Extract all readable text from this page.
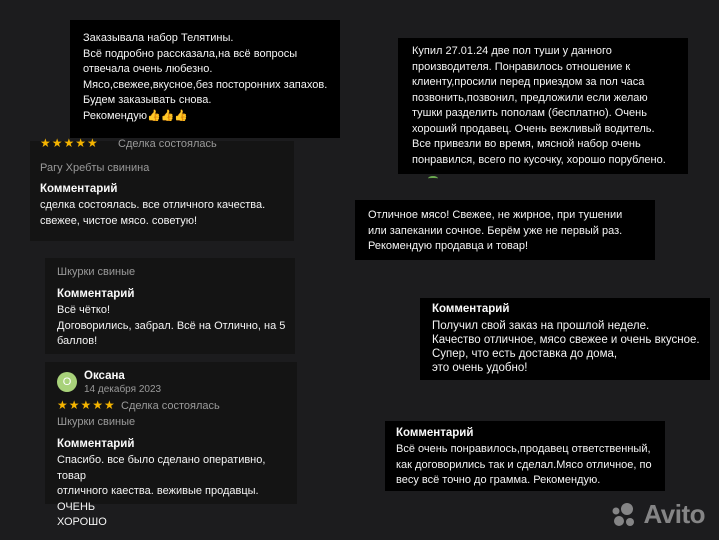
Заказывала набор Телятины.
Всё подробно рассказала,на всё вопросы
отвечала очень любезно.
Мясо,свежее,вкусное,без посторонних запахов.
Будем заказывать снова.
Рекомендую👍👍👍
★★★★★ Сделка состоялась
Рагу Хребты свинина
Комментарий
сделка состоялась. все отличного качества.
свежее, чистое мясо. советую!
Купил 27.01.24 две пол туши у данного
производителя. Понравилось отношение к
клиенту,просили перед приездом за пол часа
позвонить,позвонил, предложили если желаю
тушки разделить пополам (бесплатно). Очень
хороший продавец. Очень вежливый водитель.
Все привезли во время, мясной набор очень
понравился, всего по кусочку, хорошо порублено.
Отличное мясо! Свежее, не жирное, при тушении
или запекании сочное. Берём уже не первый раз.
Рекомендую продавца и товар!
Шкурки свиные
Комментарий
Всё чётко!
Договорились, забрал. Всё на Отлично, на 5
баллов!
Комментарий
Получил свой заказ на прошлой неделе.
Качество отличное, мясо свежее и очень вкусное.
Супер, что есть доставка до дома,
это очень удобно!
О	Оксана
14 декабря 2023
★★★★★ Сделка состоялась
Шкурки свиные
Комментарий
Спасибо. все было сделано оперативно, товар
отличного каества. веживые продавцы. ОЧЕНЬ
ХОРОШО
Комментарий
Всё очень понравилось,продавец ответственный,
как договорились так и сделал.Мясо отличное, по
весу всё точно до грамма. Рекомендую.
Avito
